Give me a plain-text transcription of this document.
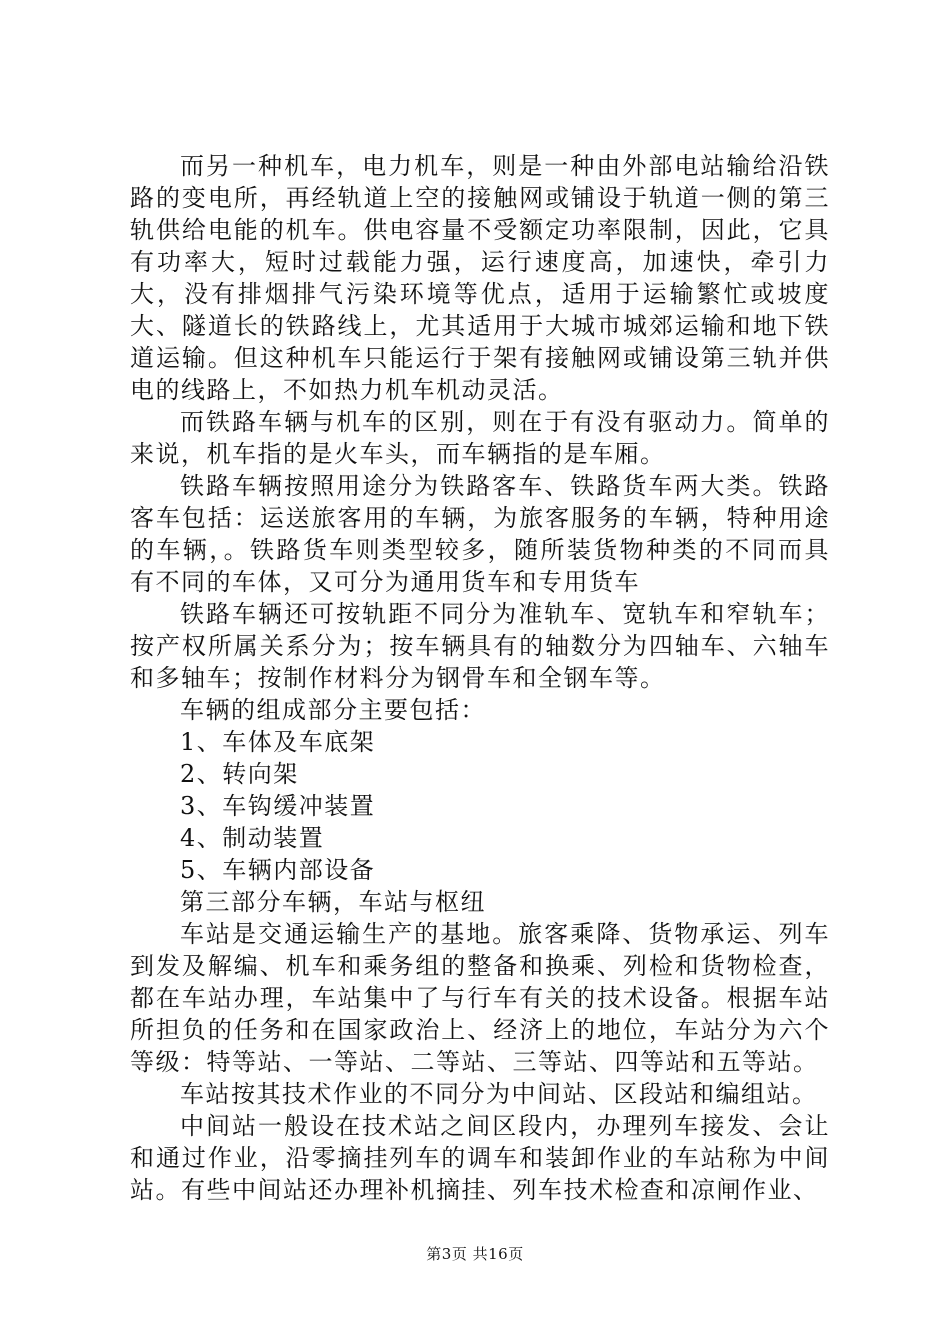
而另一种机车，电力机车，则是一种由外部电站输给沿铁路的变电所，再经轨道上空的接触网或铺设于轨道一侧的第三轨供给电能的机车。供电容量不受额定功率限制，因此，它具有功率大，短时过载能力强，运行速度高，加速快，牵引力大，没有排烟排气污染环境等优点，适用于运输繁忙或坡度大、隧道长的铁路线上，尤其适用于大城市城郊运输和地下铁道运输。但这种机车只能运行于架有接触网或铺设第三轨并供电的线路上，不如热力机车机动灵活。

而铁路车辆与机车的区别，则在于有没有驱动力。简单的来说，机车指的是火车头，而车辆指的是车厢。

铁路车辆按照用途分为铁路客车、铁路货车两大类。铁路客车包括：运送旅客用的车辆，为旅客服务的车辆，特种用途的车辆，。铁路货车则类型较多，随所装货物种类的不同而具有不同的车体，又可分为通用货车和专用货车

铁路车辆还可按轨距不同分为准轨车、宽轨车和窄轨车；按产权所属关系分为；按车辆具有的轴数分为四轴车、六轴车和多轴车；按制作材料分为钢骨车和全钢车等。

车辆的组成部分主要包括：

1、车体及车底架

2、转向架

3、车钩缓冲装置

4、制动装置

5、车辆内部设备

第三部分车辆，车站与枢纽

车站是交通运输生产的基地。旅客乘降、货物承运、列车到发及解编、机车和乘务组的整备和换乘、列检和货物检查，都在车站办理，车站集中了与行车有关的技术设备。根据车站所担负的任务和在国家政治上、经济上的地位，车站分为六个等级：特等站、一等站、二等站、三等站、四等站和五等站。

车站按其技术作业的不同分为中间站、区段站和编组站。

中间站一般设在技术站之间区段内，办理列车接发、会让和通过作业，沿零摘挂列车的调车和装卸作业的车站称为中间站。有些中间站还办理补机摘挂、列车技术检查和凉闸作业、

第3页 共16页
